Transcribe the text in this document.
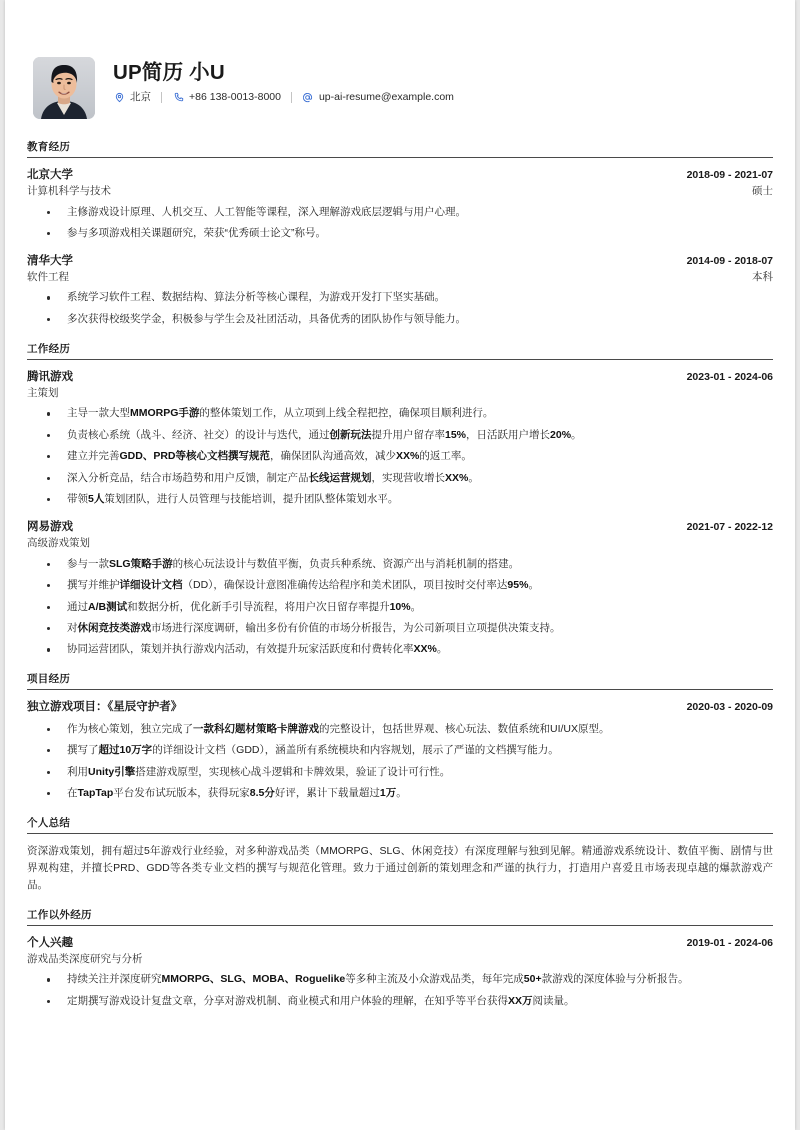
UP简历 小U
北京	+86 138-0013-8000	up-ai-resume@example.com
教育经历
北京大学	2018-09 - 2021-07
计算机科学与技术	硕士
主修游戏设计原理、人机交互、人工智能等课程，深入理解游戏底层逻辑与用户心理。
参与多项游戏相关课题研究，荣获“优秀硕士论文”称号。
清华大学	2014-09 - 2018-07
软件工程	本科
系统学习软件工程、数据结构、算法分析等核心课程，为游戏开发打下坚实基础。
多次获得校级奖学金，积极参与学生会及社团活动，具备优秀的团队协作与领导能力。
工作经历
腾讯游戏	2023-01 - 2024-06
主策划
主导一款大型MMORPG手游的整体策划工作，从立项到上线全程把控，确保项目顺利进行。
负责核心系统（战斗、经济、社交）的设计与迭代，通过创新玩法提升用户留存率15%，日活跃用户增长20%。
建立并完善GDD、PRD等核心文档撰写规范，确保团队沟通高效，减少XX%的返工率。
深入分析竞品，结合市场趋势和用户反馈，制定产品长线运营规划，实现营收增长XX%。
带领5人策划团队，进行人员管理与技能培训，提升团队整体策划水平。
网易游戏	2021-07 - 2022-12
高级游戏策划
参与一款SLG策略手游的核心玩法设计与数值平衡，负责兵种系统、资源产出与消耗机制的搭建。
撰写并维护详细设计文档（DD），确保设计意图准确传达给程序和美术团队，项目按时交付率达95%。
通过A/B测试和数据分析，优化新手引导流程，将用户次日留存率提升10%。
对休闲竞技类游戏市场进行深度调研，输出多份有价值的市场分析报告，为公司新项目立项提供决策支持。
协同运营团队，策划并执行游戏内活动，有效提升玩家活跃度和付费转化率XX%。
项目经历
独立游戏项目：《星辰守护者》	2020-03 - 2020-09
作为核心策划，独立完成了一款科幻题材策略卡牌游戏的完整设计，包括世界观、核心玩法、数值系统和UI/UX原型。
撰写了超过10万字的详细设计文档（GDD），涵盖所有系统模块和内容规划，展示了严谨的文档撰写能力。
利用Unity引擎搭建游戏原型，实现核心战斗逻辑和卡牌效果，验证了设计可行性。
在TapTap平台发布试玩版本，获得玩家8.5分好评，累计下载量超过1万。
个人总结
资深游戏策划，拥有超过5年游戏行业经验，对多种游戏品类（MMORPG、SLG、休闲竞技）有深度理解与独到见解。精通游戏系统设计、数值平衡、剧情与世界观构建，并擅长PRD、GDD等各类专业文档的撰写与规范化管理。致力于通过创新的策划理念和严谨的执行力，打造用户喜爱且市场表现卓越的爆款游戏产品。
工作以外经历
个人兴趣	2019-01 - 2024-06
游戏品类深度研究与分析
持续关注并深度研究MMORPG、SLG、MOBA、Roguelike等多种主流及小众游戏品类，每年完成50+款游戏的深度体验与分析报告。
定期撰写游戏设计复盘文章，分享对游戏机制、商业模式和用户体验的理解，在知乎等平台获得XX万阅读量。
